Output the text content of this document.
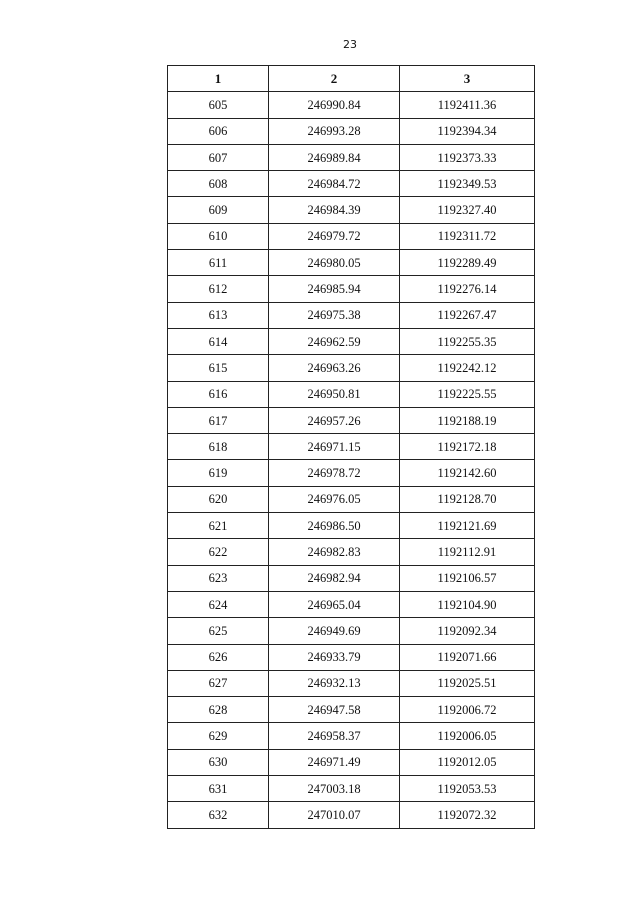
23
1	2	3
605	246990.84	1192411.36
606	246993.28	1192394.34
607	246989.84	1192373.33
608	246984.72	1192349.53
609	246984.39	1192327.40
610	246979.72	1192311.72
611	246980.05	1192289.49
612	246985.94	1192276.14
613	246975.38	1192267.47
614	246962.59	1192255.35
615	246963.26	1192242.12
616	246950.81	1192225.55
617	246957.26	1192188.19
618	246971.15	1192172.18
619	246978.72	1192142.60
620	246976.05	1192128.70
621	246986.50	1192121.69
622	246982.83	1192112.91
623	246982.94	1192106.57
624	246965.04	1192104.90
625	246949.69	1192092.34
626	246933.79	1192071.66
627	246932.13	1192025.51
628	246947.58	1192006.72
629	246958.37	1192006.05
630	246971.49	1192012.05
631	247003.18	1192053.53
632	247010.07	1192072.32
